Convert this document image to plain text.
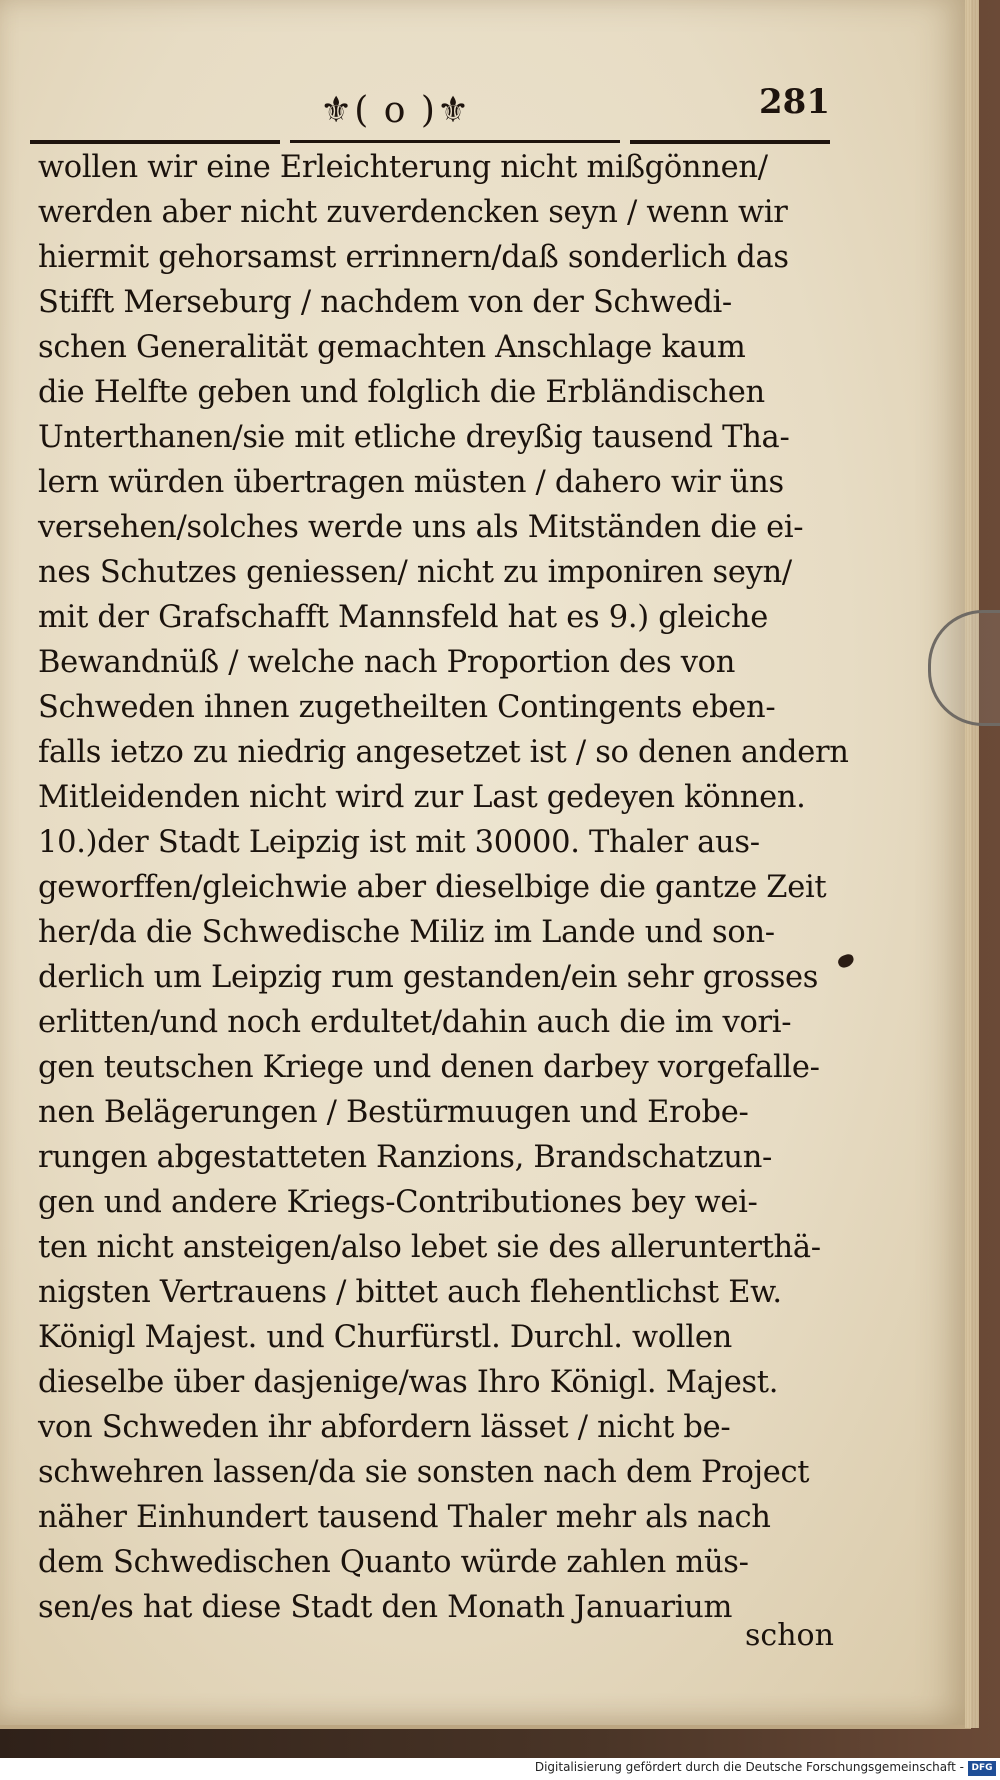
⚜( o )⚜	281
wollen wir eine Erleichterung nicht mißgönnen/
werden aber nicht zuverdencken seyn / wenn wir
hiermit gehorsamst errinnern/daß sonderlich das
Stifft Merseburg / nachdem von der Schwedi-
schen Generalität gemachten Anschlage kaum
die Helfte geben und folglich die Erbländischen
Unterthanen/sie mit etliche dreyßig tausend Tha-
lern würden übertragen müsten / dahero wir üns
versehen/solches werde uns als Mitständen die ei-
nes Schutzes geniessen/ nicht zu imponiren seyn/
mit der Grafschafft Mannsfeld hat es 9.) gleiche
Bewandnüß / welche nach Proportion des von
Schweden ihnen zugetheilten Contingents eben-
falls ietzo zu niedrig angesetzet ist / so denen andern
Mitleidenden nicht wird zur Last gedeyen können.
10.)der Stadt Leipzig ist mit 30000. Thaler aus-
geworffen/gleichwie aber dieselbige die gantze Zeit
her/da die Schwedische Miliz im Lande und son-
derlich um Leipzig rum gestanden/ein sehr grosses
erlitten/und noch erdultet/dahin auch die im vori-
gen teutschen Kriege und denen darbey vorgefalle-
nen Belägerungen / Bestürmuugen und Erobe-
rungen abgestatteten Ranzions, Brandschatzun-
gen und andere Kriegs-Contributiones bey wei-
ten nicht ansteigen/also lebet sie des allerunterthä-
nigsten Vertrauens / bittet auch flehentlichst Ew.
Königl Majest. und Churfürstl. Durchl. wollen
dieselbe über dasjenige/was Ihro Königl. Majest.
von Schweden ihr abfordern lässet / nicht be-
schwehren lassen/da sie sonsten nach dem Project
näher Einhundert tausend Thaler mehr als nach
dem Schwedischen Quanto würde zahlen müs-
sen/es hat diese Stadt den Monath Januarium
schon
Digitalisierung gefördert durch die Deutsche Forschungsgemeinschaft - DFG
